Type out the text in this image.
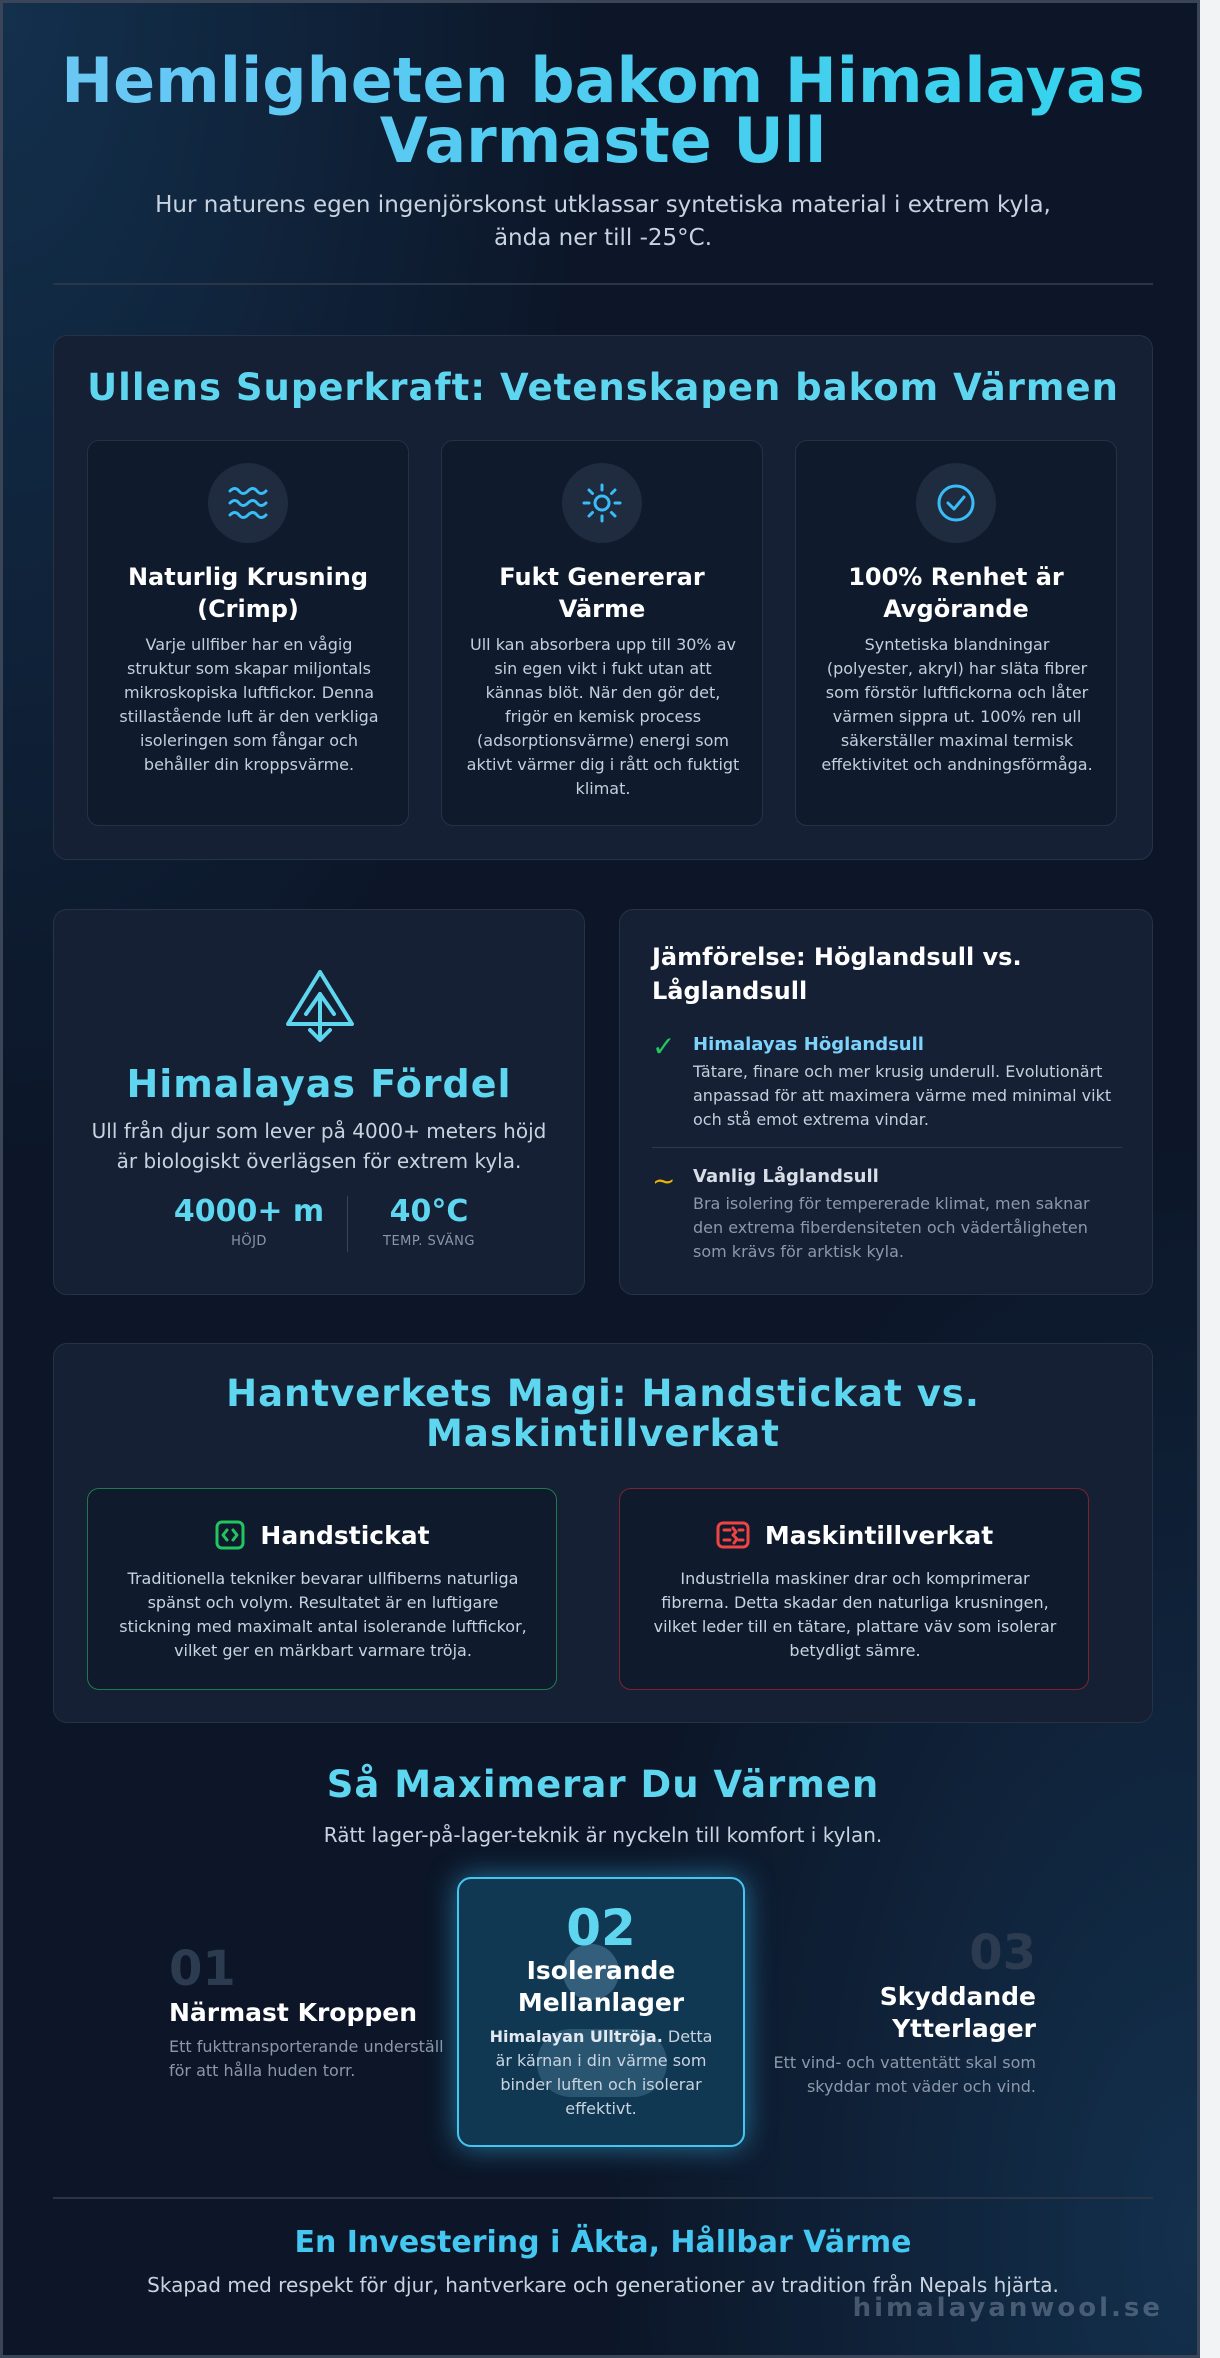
Hemligheten bakom Himalayas
Varmaste Ull
Hur naturens egen ingenjörskonst utklassar syntetiska material i extrem kyla, ända ner till -25°C.
Ullens Superkraft: Vetenskapen bakom Värmen
Naturlig Krusning (Crimp)
Varje ullfiber har en vågig struktur som skapar miljontals mikroskopiska luftfickor. Denna stillastående luft är den verkliga isoleringen som fångar och behåller din kroppsvärme.
Fukt Genererar Värme
Ull kan absorbera upp till 30% av sin egen vikt i fukt utan att kännas blöt. När den gör det, frigör en kemisk process (adsorptionsvärme) energi som aktivt värmer dig i rått och fuktigt klimat.
100% Renhet är Avgörande
Syntetiska blandningar (polyester, akryl) har släta fibrer som förstör luftfickorna och låter värmen sippra ut. 100% ren ull säkerställer maximal termisk effektivitet och andningsförmåga.
Himalayas Fördel
Ull från djur som lever på 4000+ meters höjd är biologiskt överlägsen för extrem kyla.
4000+ m
HÖJD
40°C
TEMP. SVÄNG
Jämförelse: Höglandsull vs. Låglandsull
✓ Himalayas Höglandsull
Tätare, finare och mer krusig underull. Evolutionärt anpassad för att maximera värme med minimal vikt och stå emot extrema vindar.
~ Vanlig Låglandsull
Bra isolering för tempererade klimat, men saknar den extrema fiberdensiteten och vädertåligheten som krävs för arktisk kyla.
Hantverkets Magi: Handstickat vs.
Maskintillverkat
Handstickat
Traditionella tekniker bevarar ullfiberns naturliga spänst och volym. Resultatet är en luftigare stickning med maximalt antal isolerande luftfickor, vilket ger en märkbart varmare tröja.
Maskintillverkat
Industriella maskiner drar och komprimerar fibrerna. Detta skadar den naturliga krusningen, vilket leder till en tätare, plattare väv som isolerar betydligt sämre.
Så Maximerar Du Värmen
Rätt lager-på-lager-teknik är nyckeln till komfort i kylan.
01
Närmast Kroppen
Ett fukttransporterande underställ för att hålla huden torr.
02
Isolerande Mellanlager
Himalayan Ulltröja. Detta är kärnan i din värme som binder luften och isolerar effektivt.
03
Skyddande Ytterlager
Ett vind- och vattentätt skal som skyddar mot väder och vind.
En Investering i Äkta, Hållbar Värme
Skapad med respekt för djur, hantverkare och generationer av tradition från Nepals hjärta.
himalayanwool.se
